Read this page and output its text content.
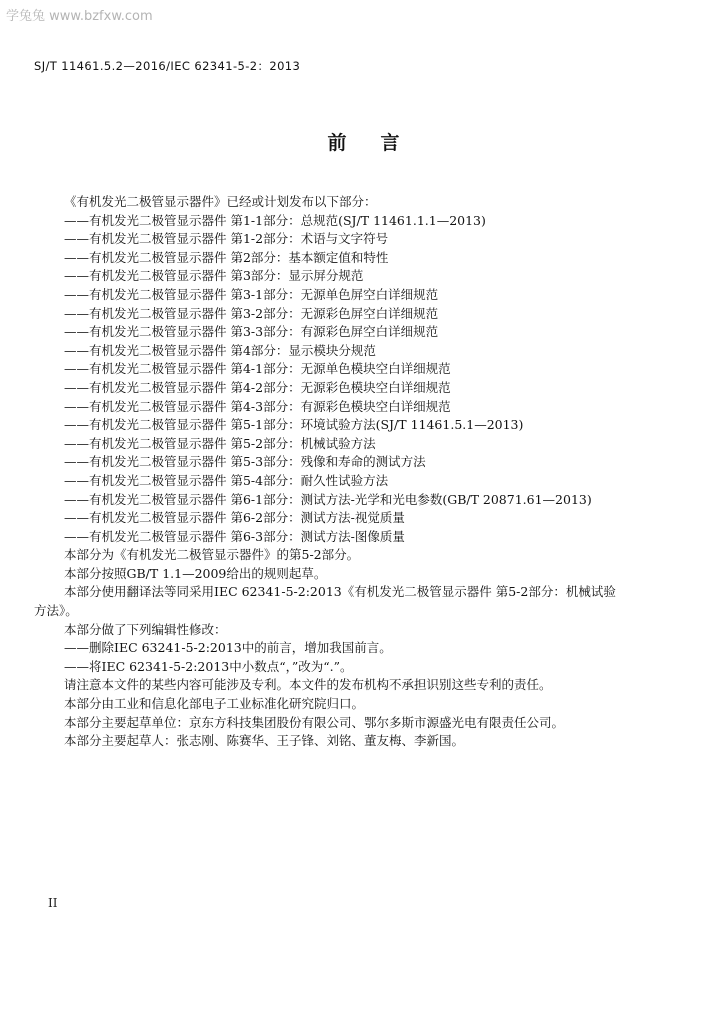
学兔兔 www.bzfxw.com
SJ/T 11461.5.2—2016/IEC 62341-5-2：2013
前言

《有机发光二极管显示器件》已经或计划发布以下部分：

——有机发光二极管显示器件 第1-1部分：总规范(SJ/T 11461.1.1—2013)

——有机发光二极管显示器件 第1-2部分：术语与文字符号

——有机发光二极管显示器件 第2部分：基本额定值和特性

——有机发光二极管显示器件 第3部分：显示屏分规范

——有机发光二极管显示器件 第3-1部分：无源单色屏空白详细规范

——有机发光二极管显示器件 第3-2部分：无源彩色屏空白详细规范

——有机发光二极管显示器件 第3-3部分：有源彩色屏空白详细规范

——有机发光二极管显示器件 第4部分：显示模块分规范

——有机发光二极管显示器件 第4-1部分：无源单色模块空白详细规范

——有机发光二极管显示器件 第4-2部分：无源彩色模块空白详细规范

——有机发光二极管显示器件 第4-3部分：有源彩色模块空白详细规范

——有机发光二极管显示器件 第5-1部分：环境试验方法(SJ/T 11461.5.1—2013)

——有机发光二极管显示器件 第5-2部分：机械试验方法

——有机发光二极管显示器件 第5-3部分：残像和寿命的测试方法

——有机发光二极管显示器件 第5-4部分：耐久性试验方法

——有机发光二极管显示器件 第6-1部分：测试方法-光学和光电参数(GB/T 20871.61—2013)

——有机发光二极管显示器件 第6-2部分：测试方法-视觉质量

——有机发光二极管显示器件 第6-3部分：测试方法-图像质量

本部分为《有机发光二极管显示器件》的第5-2部分。

本部分按照GB/T 1.1—2009给出的规则起草。

本部分使用翻译法等同采用IEC 62341-5-2:2013《有机发光二极管显示器件 第5-2部分：机械试验

方法》。

本部分做了下列编辑性修改：

——删除IEC 63241-5-2:2013中的前言，增加我国前言。

——将IEC 62341-5-2:2013中小数点“，”改为“.”。

请注意本文件的某些内容可能涉及专利。本文件的发布机构不承担识别这些专利的责任。

本部分由工业和信息化部电子工业标准化研究院归口。

本部分主要起草单位：京东方科技集团股份有限公司、鄂尔多斯市源盛光电有限责任公司。

本部分主要起草人：张志刚、陈赛华、王子锋、刘铭、董友梅、李新国。

II
